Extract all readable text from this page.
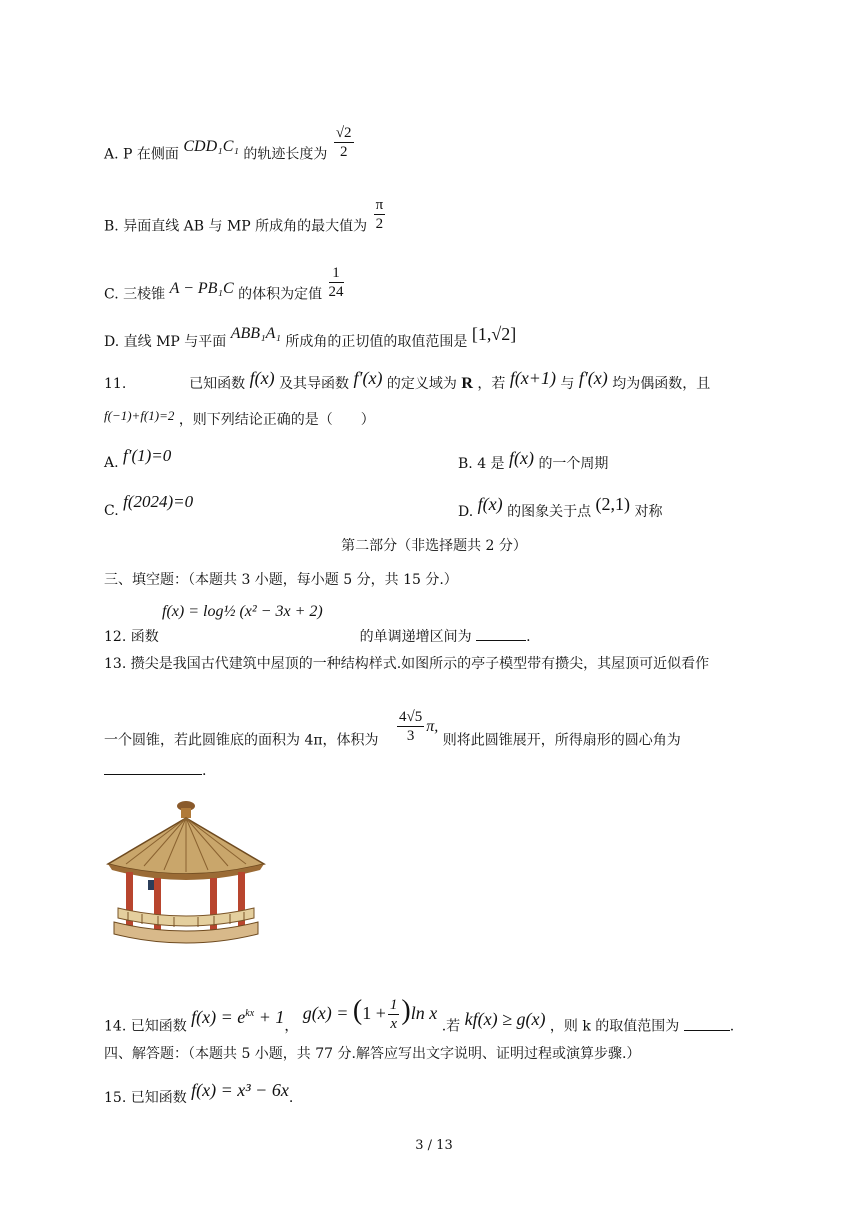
A. P 在侧面 CDD₁C₁ 的轨迹长度为 $\frac{√2}{2}$
B. 异面直线 AB 与 MP 所成角的最大值为 $\frac{\pi}{2}$
C. 三棱锥 A − PB₁C 的体积为定值 $\frac{1}{24}$
D. 直线 MP 与平面 ABB₁A₁ 所成角的正切值的取值范围是 [1,√2]
11.	已知函数 f(x) 及其导函数 f′(x) 的定义域为 R ，若 f(x+1) 与 f′(x) 均为偶函数，且
f(−1)+f(1)=2 ，则下列结论正确的是（　　）
A. f′(1)=0	B. 4 是 f(x) 的一个周期
C. f(2024)=0
D. f(x) 的图象关于点 (2,1) 对称
第二部分（非选择题共 2 分）
三、填空题：（本题共 3 小题，每小题 5 分，共 15 分.）
f(x) = log½ (x² − 3x + 2)
12. 函数	的单调递增区间为	.
13. 攒尖是我国古代建筑中屋顶的一种结构样式.如图所示的亭子模型带有攒尖，其屋顶可近似看作
一个圆锥，若此圆锥底的面积为 4π，体积为 $\frac{4√5}{3} \pi$, 则将此圆锥展开，所得扇形的圆心角为
.
14. 已知函数 $f(x) = e^{kx} + 1$， $g(x) = (1 + \frac{1}{x} )\ln$ x .若 kf(x) ≥ g(x) ，则 k 的取值范围为	.
四、解答题：（本题共 5 小题，共 77 分.解答应写出文字说明、证明过程或演算步骤.）
15. 已知函数 f(x) = x³ − 6x.
3 / 13
